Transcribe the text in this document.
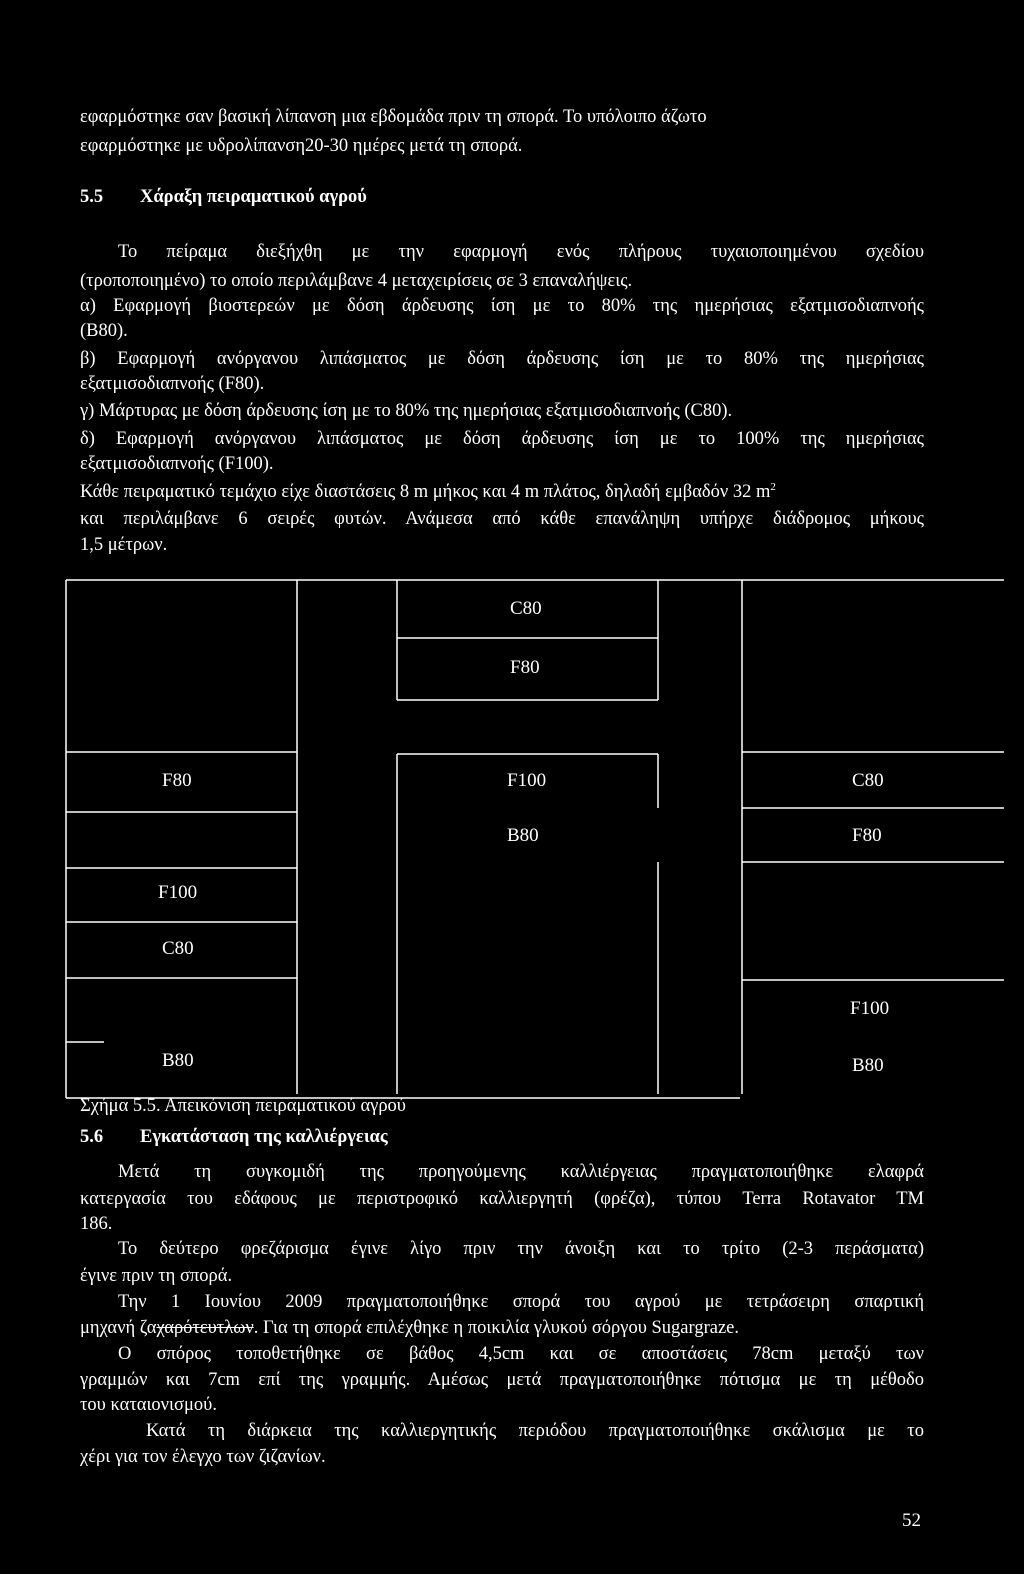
εφαρμόστηκε σαν βασική λίπανση μια εβδομάδα πριν τη σπορά. Το υπόλοιπο άζωτο
εφαρμόστηκε με υδρολίπανση20-30 ημέρες μετά τη σπορά.
5.5 Χάραξη πειραματικού αγρού
Το πείραμα διεξήχθη με την εφαρμογή ενός πλήρους τυχαιοποιημένου σχεδίου
(τροποποιημένο) το οποίο περιλάμβανε 4 μεταχειρίσεις σε 3 επαναλήψεις.
α) Εφαρμογή βιοστερεών με δόση άρδευσης ίση με το 80% της ημερήσιας εξατμισοδιαπνοής
(Β80).
β) Εφαρμογή ανόργανου λιπάσματος με δόση άρδευσης ίση με το 80% της ημερήσιας
εξατμισοδιαπνοής (F80).
γ) Μάρτυρας με δόση άρδευσης ίση με το 80% της ημερήσιας εξατμισοδιαπνοής (C80).
δ) Εφαρμογή ανόργανου λιπάσματος με δόση άρδευσης ίση με το 100% της ημερήσιας
εξατμισοδιαπνοής (F100).
Κάθε πειραματικό τεμάχιο είχε διαστάσεις 8 m μήκος και 4 m πλάτος, δηλαδή εμβαδόν 32 $m^2$
και περιλάμβανε 6 σειρές φυτών. Ανάμεσα από κάθε επανάληψη υπήρχε διάδρομος μήκους
1,5 μέτρων.
C80
F80
F100
B80
F80
F100
C80
B80
C80
F80
F100
B80
Σχήμα 5.5. Απεικόνιση πειραματικού αγρού
5.6 Εγκατάσταση της καλλιέργειας
Μετά τη συγκομιδή της προηγούμενης καλλιέργειας πραγματοποιήθηκε ελαφρά
κατεργασία του εδάφους με περιστροφικό καλλιεργητή (φρέζα), τύπου Terra Rotavator TM
186.
Το δεύτερο φρεζάρισμα έγινε λίγο πριν την άνοιξη και το τρίτο (2-3 περάσματα)
έγινε πριν τη σπορά.
Την 1 Ιουνίου 2009 πραγματοποιήθηκε σπορά του αγρού με τετράσειρη σπαρτική
μηχανή ζαχαρότευτλων. Για τη σπορά επιλέχθηκε η ποικιλία γλυκού σόργου Sugargraze.
Ο σπόρος τοποθετήθηκε σε βάθος 4,5cm και σε αποστάσεις 78cm μεταξύ των
γραμμών και 7cm επί της γραμμής. Αμέσως μετά πραγματοποιήθηκε πότισμα με τη μέθοδο
του καταιονισμού.
Κατά τη διάρκεια της καλλιεργητικής περιόδου πραγματοποιήθηκε σκάλισμα με το
χέρι για τον έλεγχο των ζιζανίων.
52
